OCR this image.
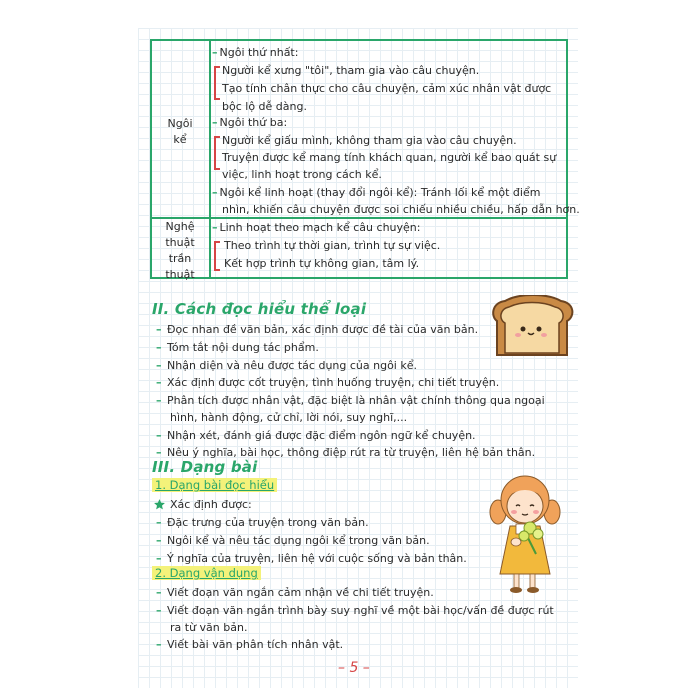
Ngôi
kể
Nghệ
thuật
trần
thuật
– Ngôi thứ nhất:
Người kể xưng "tôi", tham gia vào câu chuyện.
Tạo tính chân thực cho câu chuyện, cảm xúc nhân vật được
bộc lộ dễ dàng.
– Ngôi thứ ba:
Người kể giấu mình, không tham gia vào câu chuyện.
Truyện được kể mang tính khách quan, người kể bao quát sự
việc, linh hoạt trong cách kể.
– Ngôi kể linh hoạt (thay đổi ngôi kể): Tránh lối kể một điểm
nhìn, khiến câu chuyện được soi chiếu nhiều chiều, hấp dẫn hơn.
– Linh hoạt theo mạch kể câu chuyện:
Theo trình tự thời gian, trình tự sự việc.
Kết hợp trình tự không gian, tâm lý.
II. Cách đọc hiểu thể loại
– Đọc nhan đề văn bản, xác định được đề tài của văn bản.
– Tóm tắt nội dung tác phẩm.
– Nhận diện và nêu được tác dụng của ngôi kể.
– Xác định được cốt truyện, tình huống truyện, chi tiết truyện.
– Phân tích được nhân vật, đặc biệt là nhân vật chính thông qua ngoại
hình, hành động, cử chỉ, lời nói, suy nghĩ,...
– Nhận xét, đánh giá được đặc điểm ngôn ngữ kể chuyện.
– Nêu ý nghĩa, bài học, thông điệp rút ra từ truyện, liên hệ bản thân.
III. Dạng bài
1. Dạng bài đọc hiểu
Xác định được:
– Đặc trưng của truyện trong văn bản.
– Ngôi kể và nêu tác dụng ngôi kể trong văn bản.
– Ý nghĩa của truyện, liên hệ với cuộc sống và bản thân.
2. Dạng vận dụng
– Viết đoạn văn ngắn cảm nhận về chi tiết truyện.
– Viết đoạn văn ngắn trình bày suy nghĩ về một bài học/vấn đề được rút
ra từ văn bản.
– Viết bài văn phân tích nhân vật.
– 5 –
